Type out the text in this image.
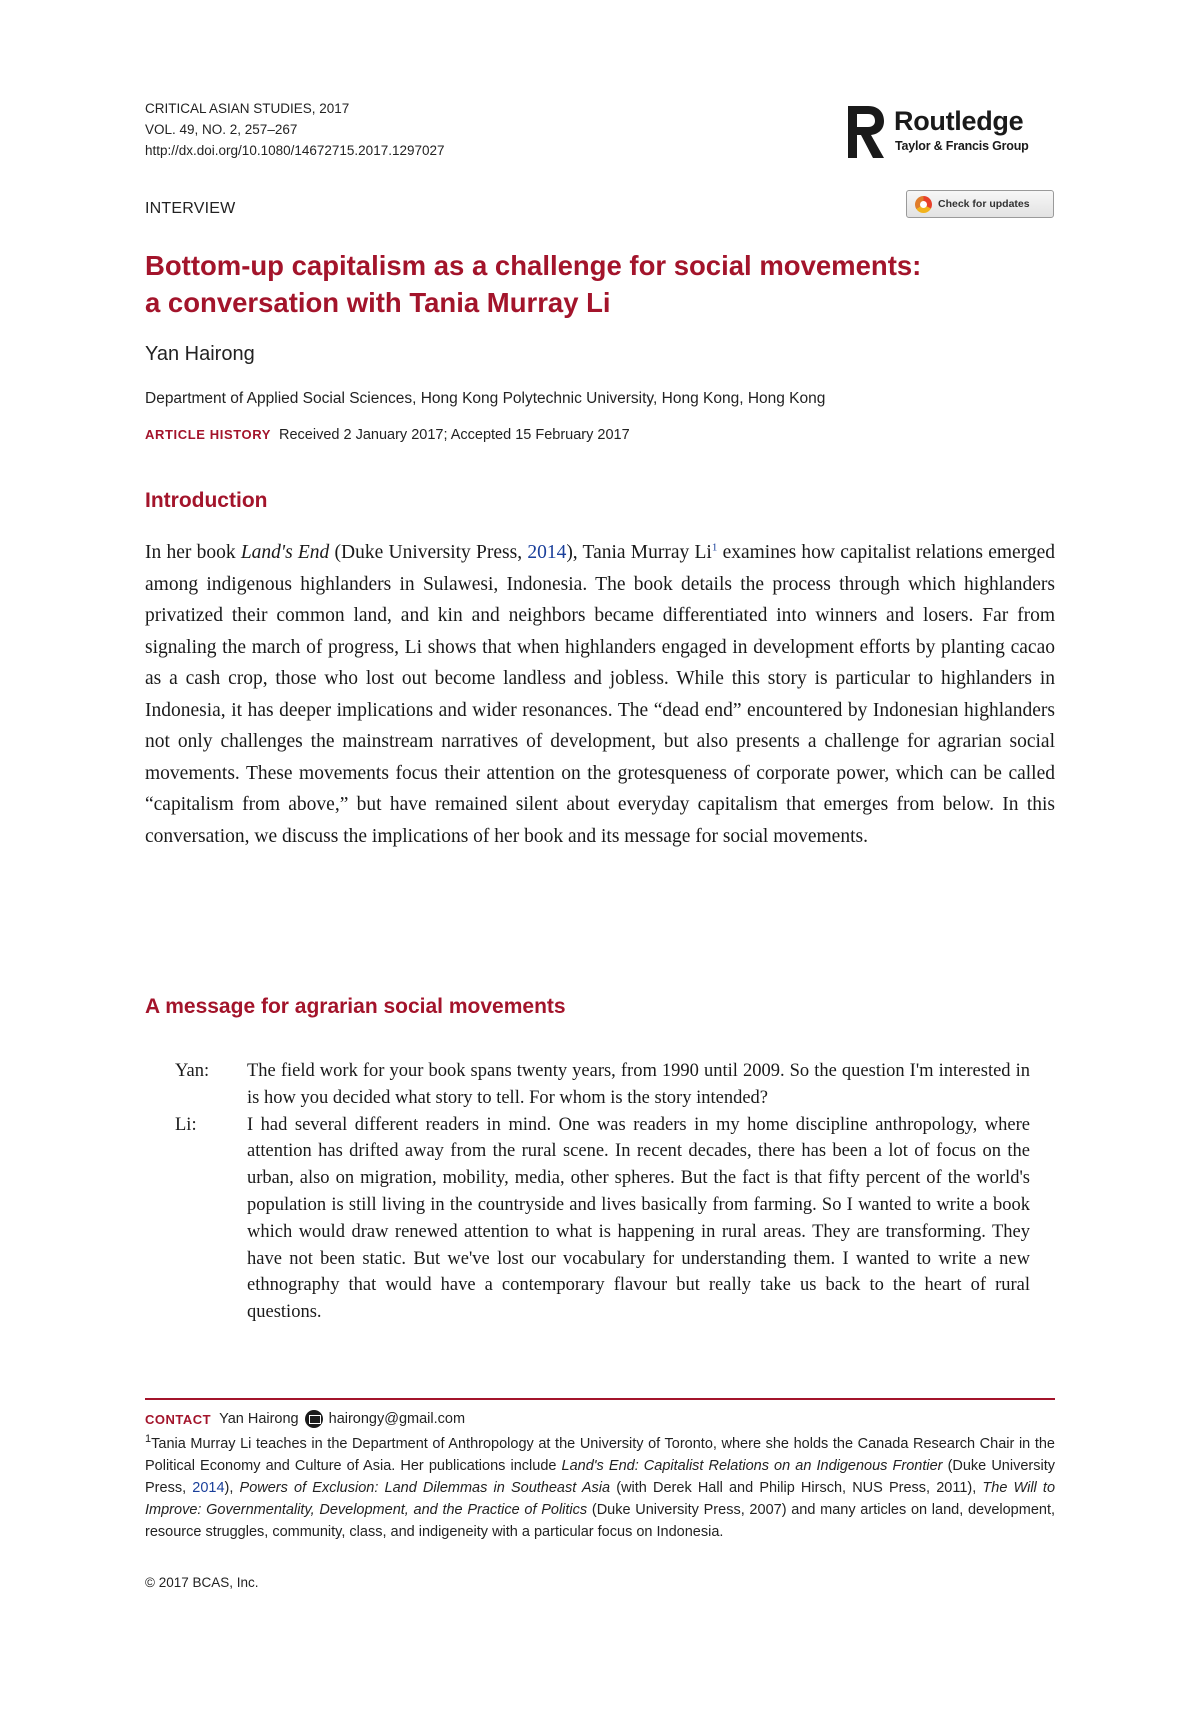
CRITICAL ASIAN STUDIES, 2017
VOL. 49, NO. 2, 257–267
http://dx.doi.org/10.1080/14672715.2017.1297027
Routledge
Taylor & Francis Group
INTERVIEW	Check for updates
Bottom-up capitalism as a challenge for social movements:
a conversation with Tania Murray Li
Yan Hairong
Department of Applied Social Sciences, Hong Kong Polytechnic University, Hong Kong, Hong Kong
ARTICLE HISTORY Received 2 January 2017; Accepted 15 February 2017
Introduction

In her book Land's End (Duke University Press, 2014), Tania Murray Li$^1$ examines how capitalist relations emerged among indigenous highlanders in Sulawesi, Indonesia. The book details the process through which highlanders privatized their common land, and kin and neighbors became differentiated into winners and losers. Far from signaling the march of progress, Li shows that when highlanders engaged in development efforts by planting cacao as a cash crop, those who lost out become landless and jobless. While this story is particular to highlanders in Indonesia, it has deeper implications and wider resonances. The “dead end” encountered by Indonesian highlanders not only challenges the mainstream narratives of development, but also presents a challenge for agrarian social movements. These movements focus their attention on the grotesqueness of corporate power, which can be called “capitalism from above,” but have remained silent about everyday capitalism that emerges from below. In this conversation, we discuss the implications of her book and its message for social movements.

A message for agrarian social movements
Yan:	The field work for your book spans twenty years, from 1990 until 2009. So the question I'm interested in is how you decided what story to tell. For whom is the story intended?
Li:	I had several different readers in mind. One was readers in my home discipline anthropology, where attention has drifted away from the rural scene. In recent decades, there has been a lot of focus on the urban, also on migration, mobility, media, other spheres. But the fact is that fifty percent of the world's population is still living in the countryside and lives basically from farming. So I wanted to write a book which would draw renewed attention to what is happening in rural areas. They are transforming. They have not been static. But we've lost our vocabulary for understanding them. I wanted to write a new ethnography that would have a contemporary flavour but really take us back to the heart of rural questions.
CONTACT Yan Hairong hairongy@gmail.com

$^1$Tania Murray Li teaches in the Department of Anthropology at the University of Toronto, where she holds the Canada Research Chair in the Political Economy and Culture of Asia. Her publications include Land's End: Capitalist Relations on an Indigenous Frontier (Duke University Press, 2014), Powers of Exclusion: Land Dilemmas in Southeast Asia (with Derek Hall and Philip Hirsch, NUS Press, 2011), The Will to Improve: Governmentality, Development, and the Practice of Politics (Duke University Press, 2007) and many articles on land, development, resource struggles, community, class, and indigeneity with a particular focus on Indonesia.

© 2017 BCAS, Inc.
